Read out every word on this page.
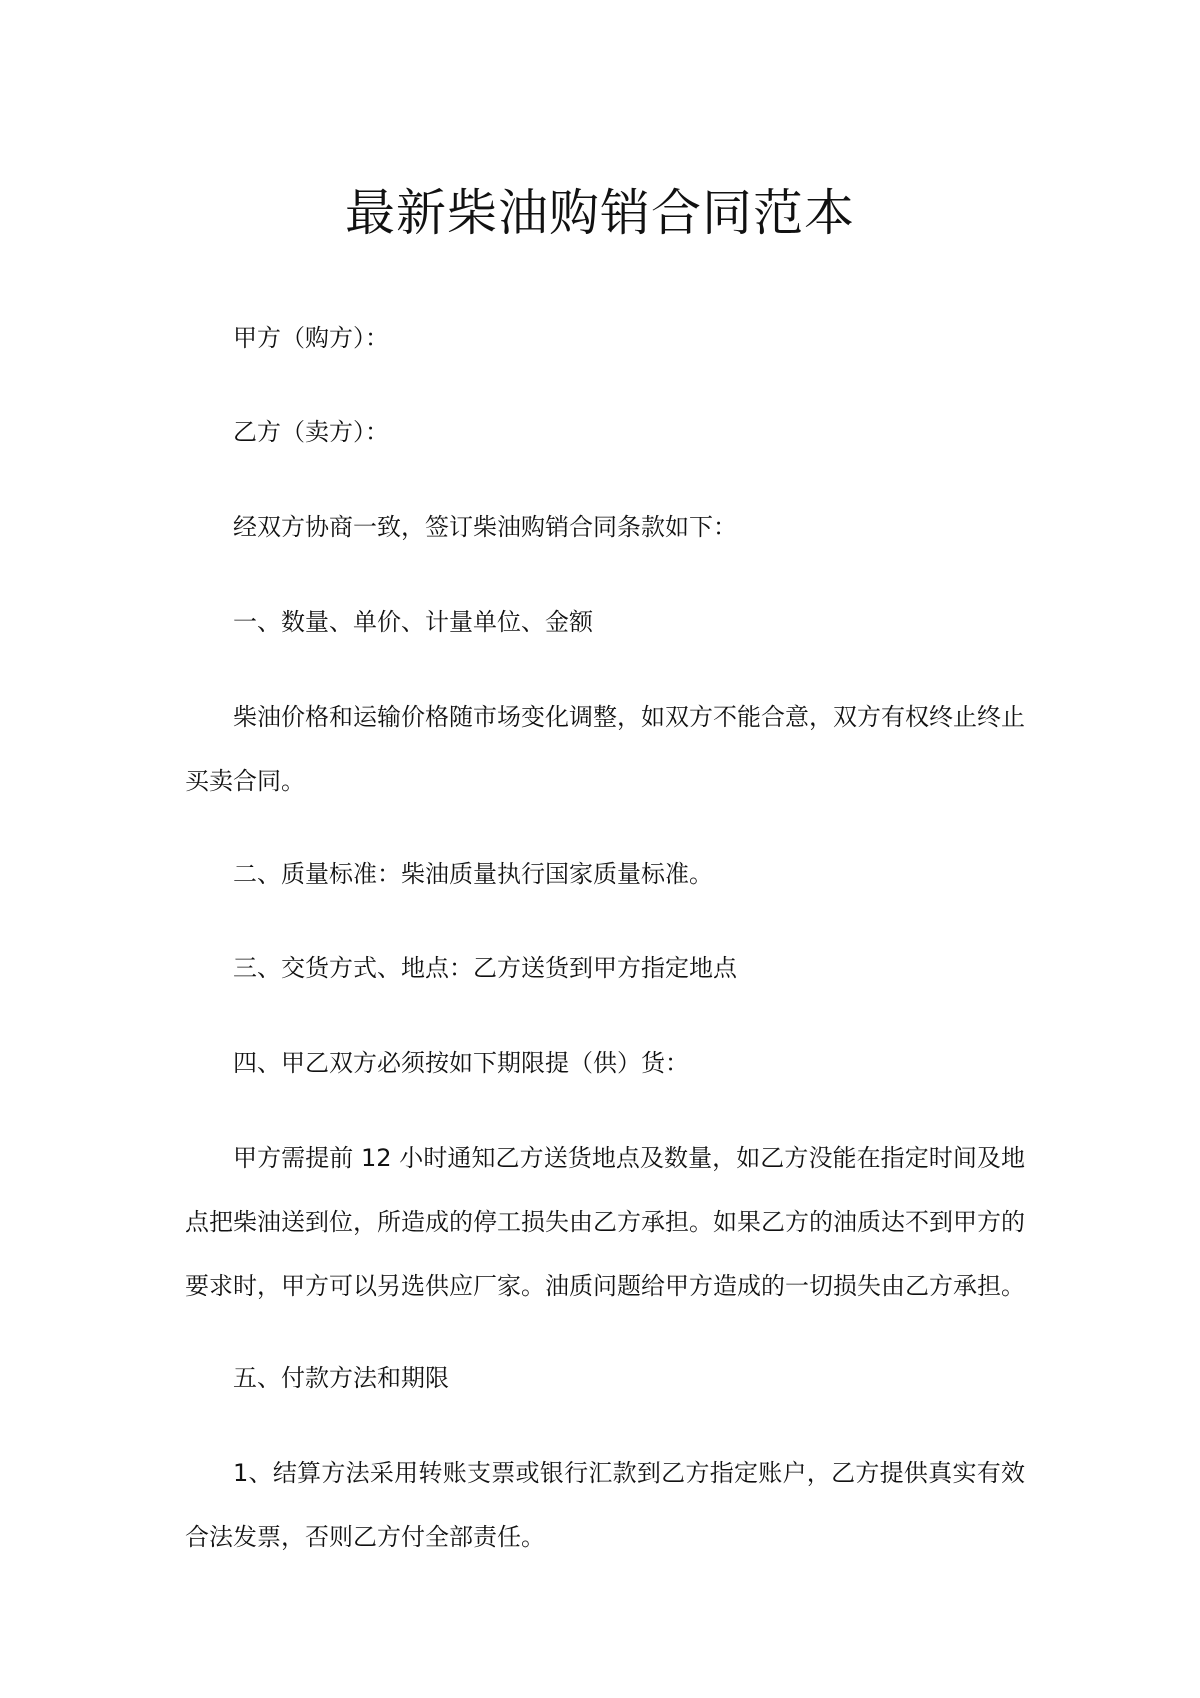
最新柴油购销合同范本

甲方（购方）：

乙方（卖方）：

经双方协商一致，签订柴油购销合同条款如下：

一、数量、单价、计量单位、金额

柴油价格和运输价格随市场变化调整，如双方不能合意，双方有权终止终止买卖合同。

二、质量标准：柴油质量执行国家质量标准。

三、交货方式、地点：乙方送货到甲方指定地点

四、甲乙双方必须按如下期限提（供）货：

甲方需提前 12 小时通知乙方送货地点及数量，如乙方没能在指定时间及地点把柴油送到位，所造成的停工损失由乙方承担。如果乙方的油质达不到甲方的要求时，甲方可以另选供应厂家。油质问题给甲方造成的一切损失由乙方承担。

五、付款方法和期限

1、结算方法采用转账支票或银行汇款到乙方指定账户，乙方提供真实有效合法发票，否则乙方付全部责任。
